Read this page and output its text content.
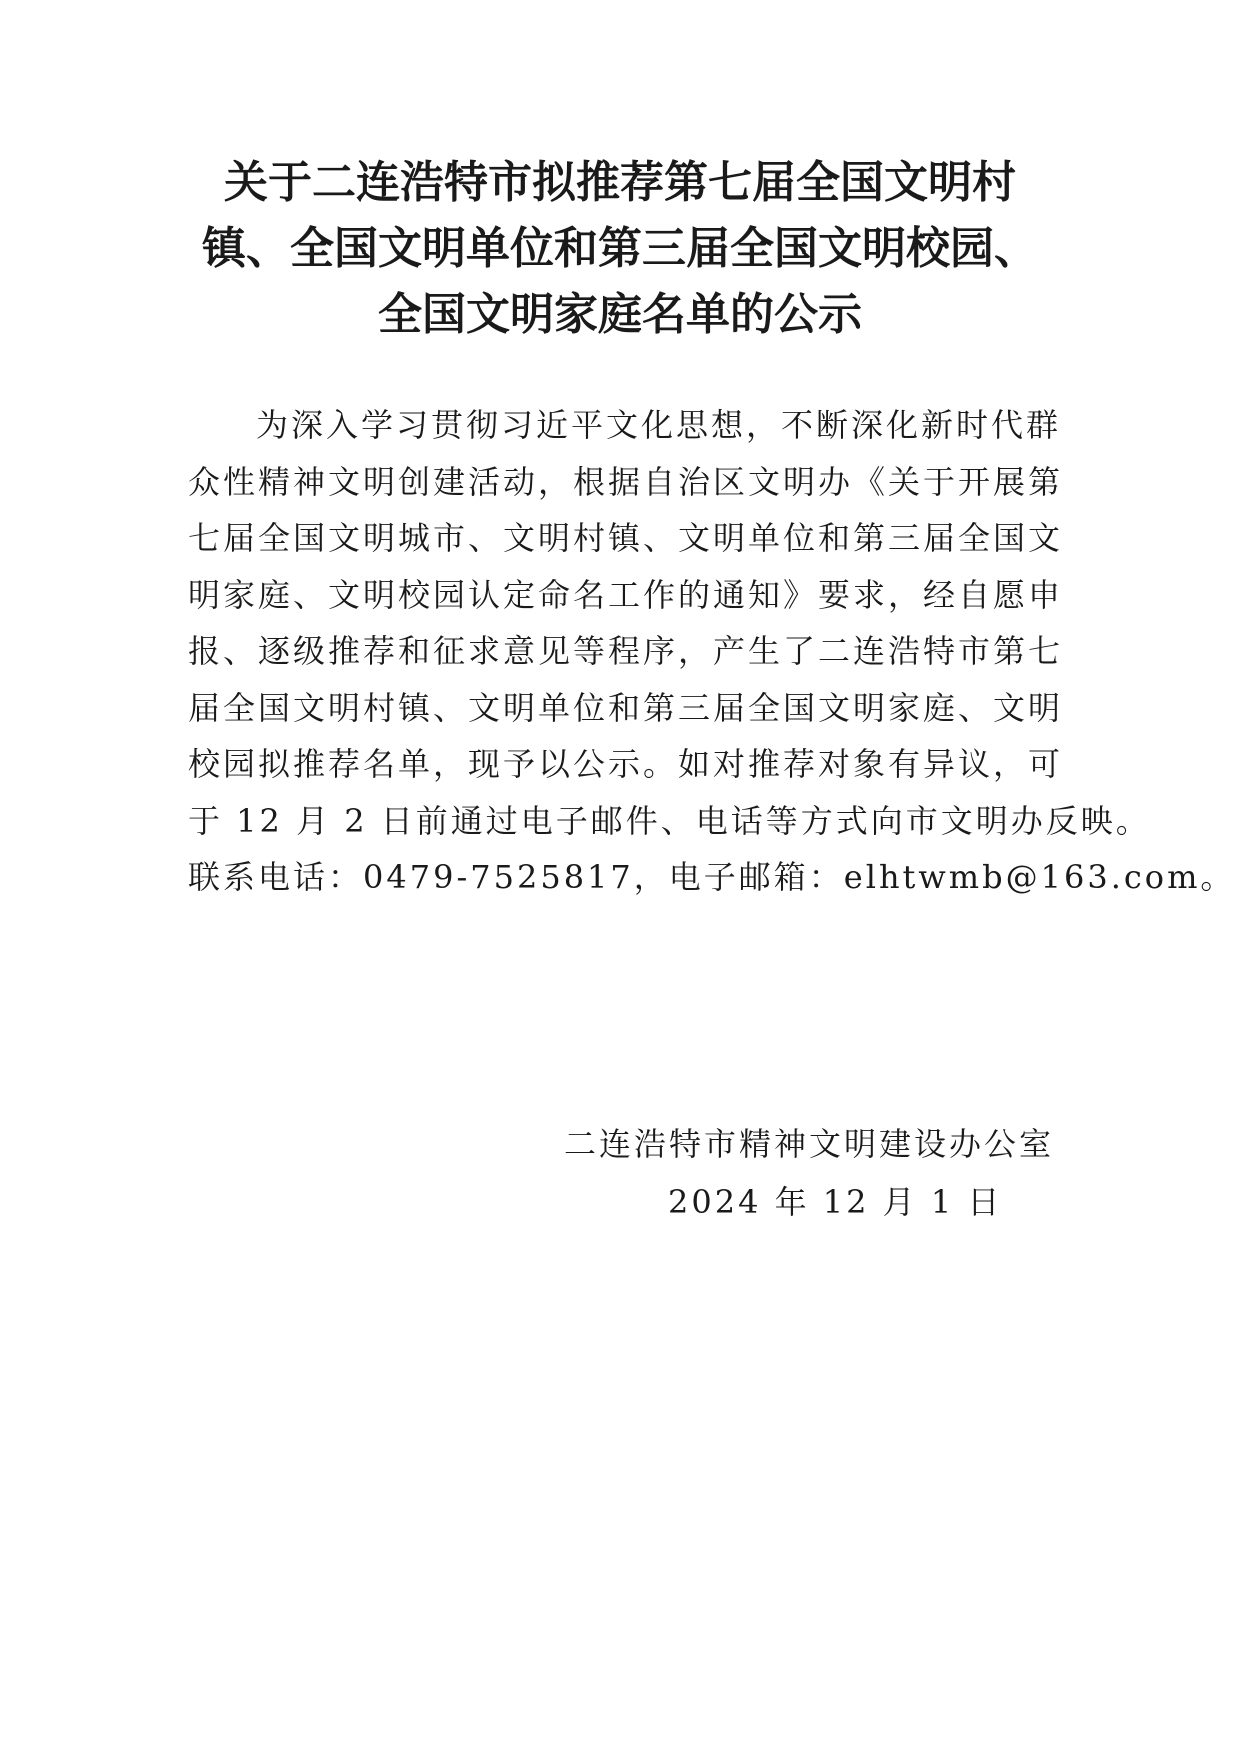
关于二连浩特市拟推荐第七届全国文明村
镇、全国文明单位和第三届全国文明校园、
全国文明家庭名单的公示

为深入学习贯彻习近平文化思想，不断深化新时代群
众性精神文明创建活动，根据自治区文明办《关于开展第
七届全国文明城市、文明村镇、文明单位和第三届全国文
明家庭、文明校园认定命名工作的通知》要求，经自愿申
报、逐级推荐和征求意见等程序，产生了二连浩特市第七
届全国文明村镇、文明单位和第三届全国文明家庭、文明
校园拟推荐名单，现予以公示。如对推荐对象有异议，可
于 12 月 2 日前通过电子邮件、电话等方式向市文明办反映。
联系电话：0479-7525817，电子邮箱：elhtwmb@163.com。

二连浩特市精神文明建设办公室
2024 年 12 月 1 日
